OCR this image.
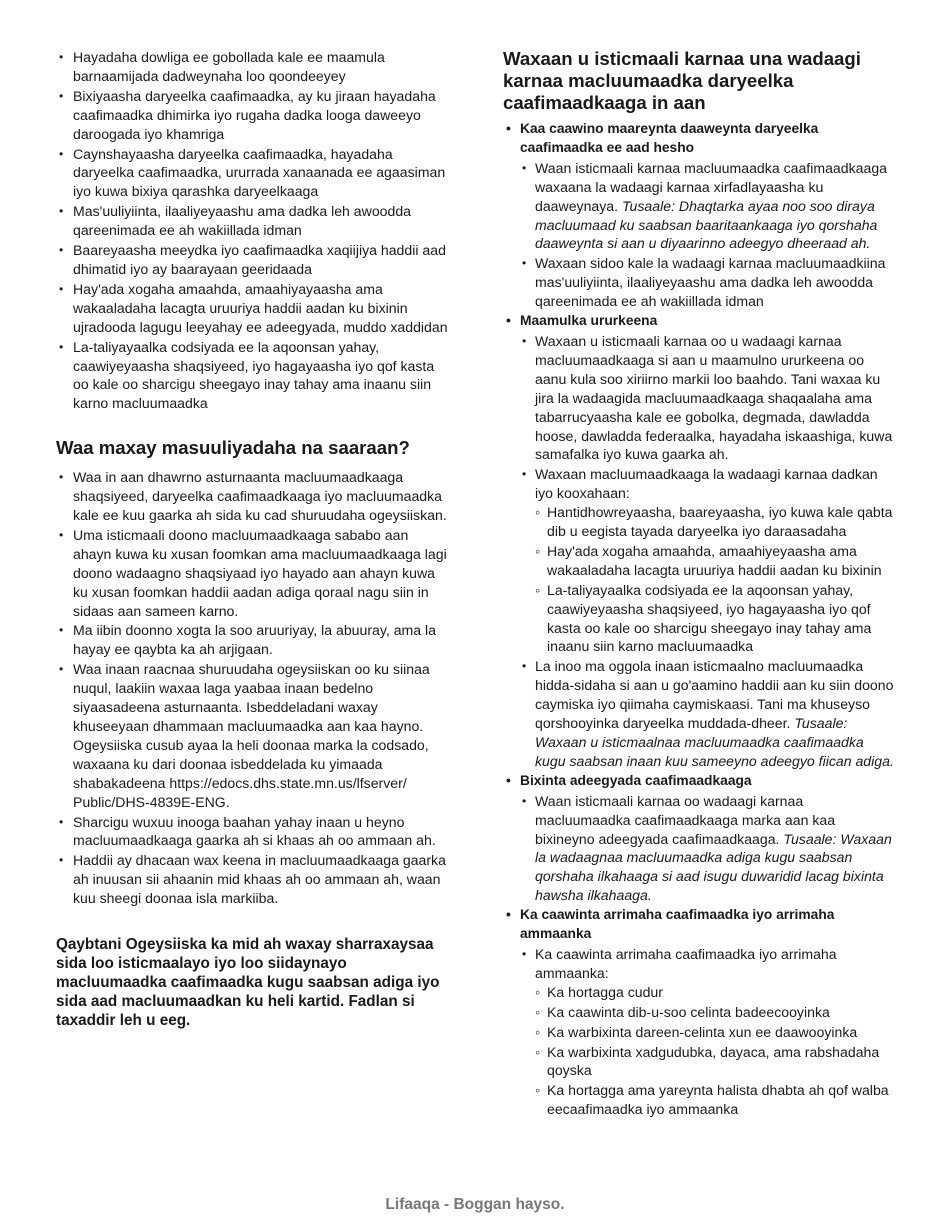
• Hayadaha dowliga ee gobollada kale ee maamula barnaamijada dadweynaha loo qoondeeyey
• Bixiyaasha daryeelka caafimaadka, ay ku jiraan hayadaha caafimaadka dhimirka iyo rugaha dadka looga daweeyo daroogada iyo khamriga
• Caynshayaasha daryeelka caafimaadka, hayadaha daryeelka caafimaadka, ururrada xanaanada ee agaasiman iyo kuwa bixiya qarashka daryeelkaaga
• Mas'uuliyiinta, ilaaliyeyaashu ama dadka leh awoodda qareenimada ee ah wakiillada idman
• Baareyaasha meeydka iyo caafimaadka xaqiijiya haddii aad dhimatid iyo ay baarayaan geeridaada
• Hay'ada xogaha amaahda, amaahiyayaasha ama wakaaladaha lacagta uruuriya haddii aadan ku bixinin ujradooda lagugu leeyahay ee adeegyada, muddo xaddidan
• La-taliyayaalka codsiyada ee la aqoonsan yahay, caawiyeyaasha shaqsiyeed, iyo hagayaasha iyo qof kasta oo kale oo sharcigu sheegayo inay tahay ama inaanu siin karno macluumaadka
Waa maxay masuuliyadaha na saaraan?
• Waa in aan dhawrno asturnaanta macluumaadkaaga shaqsiyeed, daryeelka caafimaadkaaga iyo macluumaadka kale ee kuu gaarka ah sida ku cad shuruudaha ogeysiiskan.
• Uma isticmaali doono macluumaadkaaga sababo aan ahayn kuwa ku xusan foomkan ama macluumaadkaaga lagi doono wadaagno shaqsiyaad iyo hayado aan ahayn kuwa ku xusan foomkan haddii aadan adiga qoraal nagu siin in sidaas aan sameen karno.
• Ma iibin doonno xogta la soo aruuriyay, la abuuray, ama la hayay ee qaybta ka ah arjigaan.
• Waa inaan raacnaa shuruudaha ogeysiiskan oo ku siinaa nuqul, laakiin waxaa laga yaabaa inaan bedelno siyaasadeena asturnaanta. Isbeddeladani waxay khuseeyaan dhammaan macluumaadka aan kaa hayno. Ogeysiiska cusub ayaa la heli doonaa marka la codsado, waxaana ku dari doonaa isbeddelada ku yimaada shabakadeena https://edocs.dhs.state.mn.us/lfserver/ Public/DHS-4839E-ENG.
• Sharcigu wuxuu inooga baahan yahay inaan u heyno macluumaadkaaga gaarka ah si khaas ah oo ammaan ah.
• Haddii ay dhacaan wax keena in macluumaadkaaga gaarka ah inuusan sii ahaanin mid khaas ah oo ammaan ah, waan kuu sheegi doonaa isla markiiba.

Qaybtani Ogeysiiska ka mid ah waxay sharraxaysaa sida loo isticmaalayo iyo loo siidaynayo macluumaadka caafimaadka kugu saabsan adiga iyo sida aad macluumaadkan ku heli kartid. Fadlan si taxaddir leh u eeg.

Waxaan u isticmaali karnaa una wadaagi karnaa macluumaadka daryeelka caafimaadkaaga in aan
• Kaa caawino maareynta daaweynta daryeelka caafimaadka ee aad hesho
• Waan isticmaali karnaa macluumaadka caafimaadkaaga waxaana la wadaagi karnaa xirfadlayaasha ku daaweynaya. Tusaale: Dhaqtarka ayaa noo soo diraya macluumaad ku saabsan baaritaankaaga iyo qorshaha daaweynta si aan u diyaarinno adeegyo dheeraad ah.
• Waxaan sidoo kale la wadaagi karnaa macluumaadkiina mas'uuliyiinta, ilaaliyeyaashu ama dadka leh awoodda qareenimada ee ah wakiillada idman
• Maamulka ururkeena
• Waxaan u isticmaali karnaa oo u wadaagi karnaa macluumaadkaaga si aan u maamulno ururkeena oo aanu kula soo xiriirno markii loo baahdo. Tani waxaa ku jira la wadaagida macluumaadkaaga shaqaalaha ama tabarrucyaasha kale ee gobolka, degmada, dawladda hoose, dawladda federaalka, hayadaha iskaashiga, kuwa samafalka iyo kuwa gaarka ah.
• Waxaan macluumaadkaaga la wadaagi karnaa dadkan iyo kooxahaan:
◦ Hantidhowreyaasha, baareyaasha, iyo kuwa kale qabta dib u eegista tayada daryeelka iyo daraasadaha
◦ Hay'ada xogaha amaahda, amaahiyeyaasha ama wakaaladaha lacagta uruuriya haddii aadan ku bixinin
◦ La-taliyayaalka codsiyada ee la aqoonsan yahay, caawiyeyaasha shaqsiyeed, iyo hagayaasha iyo qof kasta oo kale oo sharcigu sheegayo inay tahay ama inaanu siin karno macluumaadka
• La inoo ma oggola inaan isticmaalno macluumaadka hidda-sidaha si aan u go'aamino haddii aan ku siin doono caymiska iyo qiimaha caymiskaasi. Tani ma khuseyso qorshooyinka daryeelka muddada-dheer. Tusaale: Waxaan u isticmaalnaa macluumaadka caafimaadka kugu saabsan inaan kuu sameeyno adeegyo fiican adiga.
• Bixinta adeegyada caafimaadkaaga
• Waan isticmaali karnaa oo wadaagi karnaa macluumaadka caafimaadkaaga marka aan kaa bixineyno adeegyada caafimaadkaaga. Tusaale: Waxaan la wadaagnaa macluumaadka adiga kugu saabsan qorshaha ilkahaaga si aad isugu duwaridid lacag bixinta hawsha ilkahaaga.
• Ka caawinta arrimaha caafimaadka iyo arrimaha ammaanka
• Ka caawinta arrimaha caafimaadka iyo arrimaha ammaanka:
◦ Ka hortagga cudur
◦ Ka caawinta dib-u-soo celinta badeecooyinka
◦ Ka warbixinta dareen-celinta xun ee daawooyinka
◦ Ka warbixinta xadgudubka, dayaca, ama rabshadaha qoyska
◦ Ka hortagga ama yareynta halista dhabta ah qof walba eecaafimaadka iyo ammaanka
Lifaaqa - Boggan hayso.
